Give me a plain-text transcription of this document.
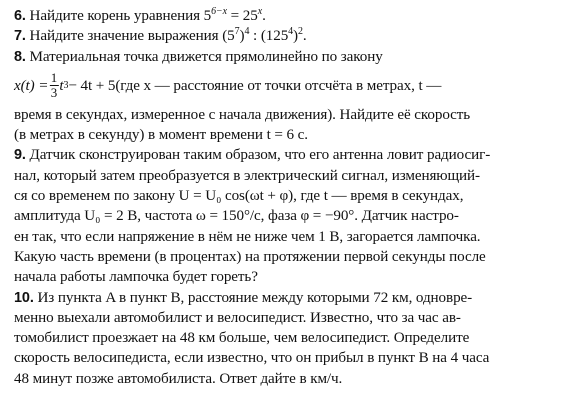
6. Найдите корень уравнения $5^{6-x} = 25^x$.
7. Найдите значение выражения $(5^7)^4$ : $(125^4)^2$.
8. Материальная точка движется прямолинейно по закону
$x(t) = \frac{1}{3}$ t 3 − 4t + 5 (где x — расстояние от точки отсчёта в метрах, t —
время в секундах, измеренное с начала движения). Найдите её скорость
(в метрах в секунду) в момент времени t = 6 с.
9. Датчик сконструирован таким образом, что его антенна ловит радиосиг-
нал, который затем преобразуется в электрический сигнал, изменяющий-
ся со временем по закону U = U₀ cos(ωt + φ), где t — время в секундах,
амплитуда U₀ = 2 В, частота ω = 150°/с, фаза φ = −90°. Датчик настро-
ен так, что если напряжение в нём не ниже чем 1 В, загорается лампочка.
Какую часть времени (в процентах) на протяжении первой секунды после
начала работы лампочка будет гореть?
10. Из пункта A в пункт B, расстояние между которыми 72 км, одновре-
менно выехали автомобилист и велосипедист. Известно, что за час ав-
томобилист проезжает на 48 км больше, чем велосипедист. Определите
скорость велосипедиста, если известно, что он прибыл в пункт B на 4 часа
48 минут позже автомобилиста. Ответ дайте в км/ч.
